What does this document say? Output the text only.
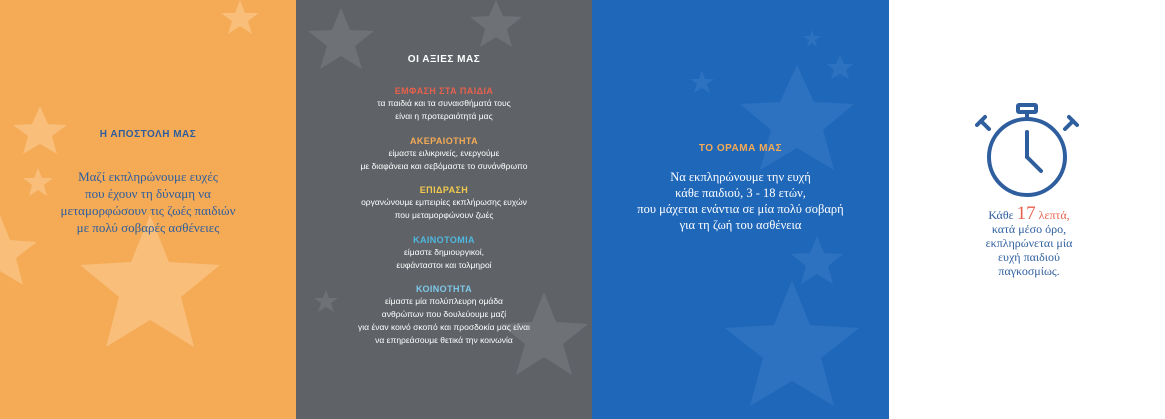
Η ΑΠΟΣΤΟΛΗ ΜΑΣ
Μαζί εκπληρώνουμε ευχές
που έχουν τη δύναμη να
μεταμορφώσουν τις ζωές παιδιών
με πολύ σοβαρές ασθένειες
ΟΙ ΑΞΙΕΣ ΜΑΣ
ΕΜΦΑΣΗ ΣΤΑ ΠΑΙΔΙΑ
τα παιδιά και τα συναισθήματά τους
είναι η προτεραιότητά μας
ΑΚΕΡΑΙΟΤΗΤΑ
είμαστε ειλικρινείς, ενεργούμε
με διαφάνεια και σεβόμαστε το συνάνθρωπο
ΕΠΙΔΡΑΣΗ
οργανώνουμε εμπειρίες εκπλήρωσης ευχών
που μεταμορφώνουν ζωές
ΚΑΙΝΟΤΟΜΙΑ
είμαστε δημιουργικοί,
ευφάνταστοι και τολμηροί
ΚΟΙΝΟΤΗΤΑ
είμαστε μία πολύπλευρη ομάδα
ανθρώπων που δουλεύουμε μαζί
για έναν κοινό σκοπό και προσδοκία μας είναι
να επηρεάσουμε θετικά την κοινωνία
ΤΟ ΟΡΑΜΑ ΜΑΣ
Να εκπληρώνουμε την ευχή
κάθε παιδιού, 3 - 18 ετών,
που μάχεται ενάντια σε μία πολύ σοβαρή
για τη ζωή του ασθένεια
Κάθε 17 λεπτά,
κατά μέσο όρο,
εκπληρώνεται μία
ευχή παιδιού
παγκοσμίως.
